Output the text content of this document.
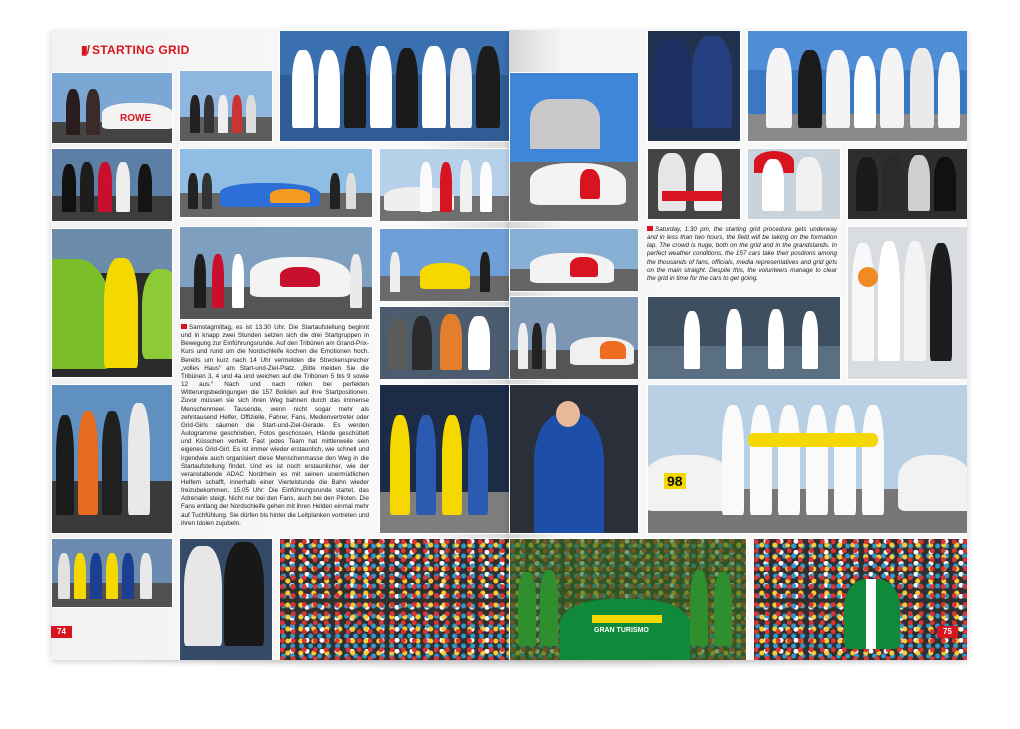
▮/ STARTING GRID
ROWE
Samstagmittag, es ist 13.30 Uhr. Die Startaufstellung beginnt und in knapp zwei Stunden setzen sich die drei Startgruppen in Bewegung zur Einführungsrunde. Auf den Tribünen am Grand-Prix-Kurs und rund um die Nordschleife kochen die Emotionen hoch. Bereits um kurz nach 14 Uhr vermelden die Streckensprecher „volles Haus“ am Start-und-Ziel-Platz. „Bitte meiden Sie die Tribünen 3, 4 und 4a und weichen auf die Tribünen 5 bis 9 sowie 12 aus.“ Nach und nach rollen bei perfekten Witterungsbedingungen die 157 Boliden auf ihre Startpositionen. Zuvor müssen sie sich ihren Weg bahnen durch das immense Menschenmeer. Tausende, wenn nicht sogar mehr als zehntausend Helfer, Offizielle, Fahrer, Fans, Medienvertreter oder Grid-Girls säumen die Start-und-Ziel-Gerade. Es werden Autogramme geschrieben, Fotos geschossen, Hände geschüttelt und Küsschen verteilt. Fast jedes Team hat mittlerweile sein eigenes Grid-Girl. Es ist immer wieder erstaunlich, wie schnell und irgendwie auch organisiert diese Menschenmasse den Weg in die Startaufstellung findet. Und es ist noch erstaunlicher, wie der veranstaltende ADAC Nordrhein es mit seinen unermüdlichen Helfern schafft, innerhalb einer Viertelstunde die Bahn wieder freizubekommen. 15.05 Uhr: Die Einführungsrunde startet, das Adrenalin steigt. Nicht nur bei den Fans, auch bei den Piloten. Die Fans entlang der Nordschleife gehen mit ihren Helden einmal mehr auf Tuchfühlung. Sie dürfen bis hinter die Leitplanken vortreten und ihren Idolen zujubeln.
74	GRAN TURISMO
Saturday, 1.30 pm, the starting grid procedure gets underway and in less than two hours, the field will be taking on the formation lap. The crowd is huge, both on the grid and in the grandstands. In perfect weather conditions, the 157 cars take their positions among the thousands of fans, officials, media representatives and grid girls on the main straight. Despite this, the volunteers manage to clear the grid in time for the cars to get going.
98
75
